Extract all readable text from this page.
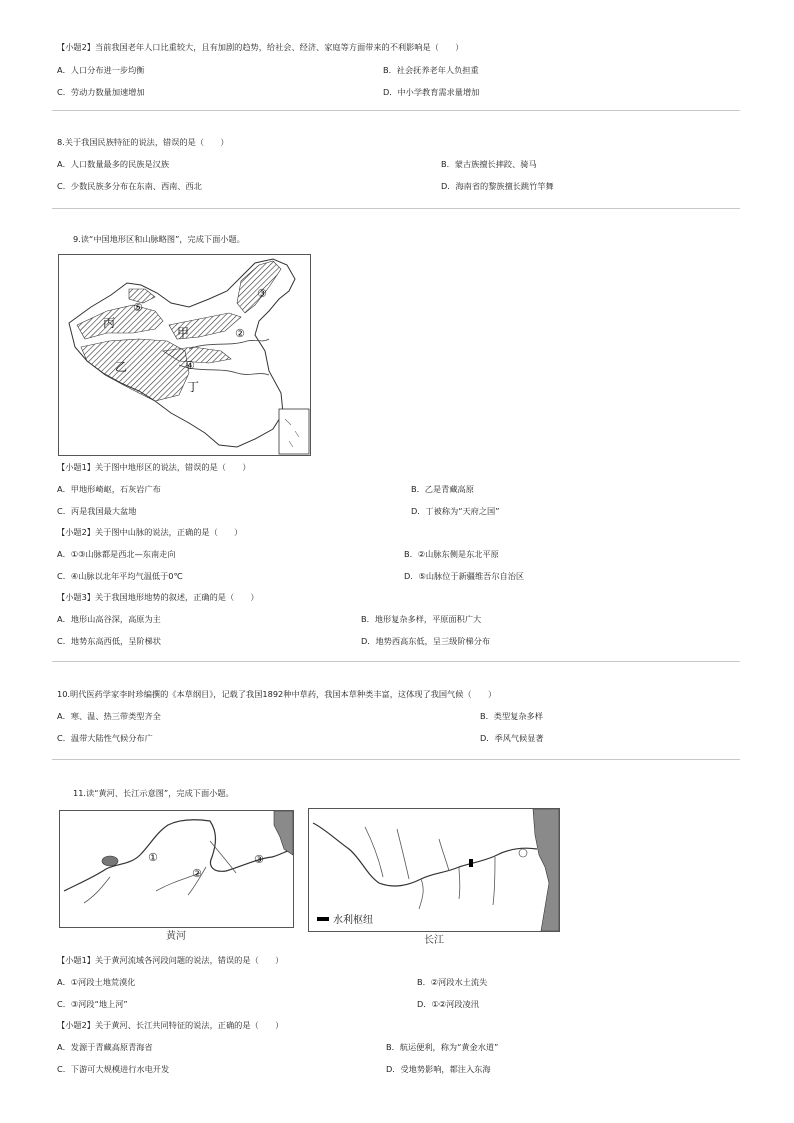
【小题2】当前我国老年人口比重较大，且有加剧的趋势，给社会、经济、家庭等方面带来的不利影响是（　　）
A．人口分布进一步均衡	B．社会抚养老年人负担重
C．劳动力数量加速增加	D．中小学教育需求量增加
8.关于我国民族特征的说法，错误的是（　　）
A．人口数量最多的民族是汉族	B．蒙古族擅长摔跤、骑马
C．少数民族多分布在东南、西南、西北	D．海南省的黎族擅长跳竹竿舞
9.读“中国地形区和山脉略图”，完成下面小题。
丙
甲
乙
丁
⑤
②
③
④
【小题1】关于图中地形区的说法，错误的是（　　）
A．甲地形崎岖，石灰岩广布	B．乙是青藏高原
C．丙是我国最大盆地	D．丁被称为“天府之国”
【小题2】关于图中山脉的说法，正确的是（　　）
A．①③山脉都是西北—东南走向	B．②山脉东侧是东北平原
C．④山脉以北年平均气温低于0℃	D．⑤山脉位于新疆维吾尔自治区
【小题3】关于我国地形地势的叙述，正确的是（　　）
A．地形山高谷深，高原为主	B．地形复杂多样，平原面积广大
C．地势东高西低，呈阶梯状	D．地势西高东低，呈三级阶梯分布
10.明代医药学家李时珍编撰的《本草纲目》，记载了我国1892种中草药，我国本草种类丰富，这体现了我国气候（　　）
A．寒、温、热三带类型齐全	B．类型复杂多样
C．温带大陆性气候分布广	D．季风气候显著
11.读“黄河、长江示意图”，完成下面小题。
①
②
③
黄河
水利枢纽
长江
【小题1】关于黄河流域各河段问题的说法，错误的是（　　）
A．①河段土地荒漠化	B．②河段水土流失
C．③河段“地上河”	D．①②河段凌汛
【小题2】关于黄河、长江共同特征的说法，正确的是（　　）
A．发源于青藏高原青海省	B．航运便利，称为“黄金水道”
C．下游可大规模进行水电开发	D．受地势影响，都注入东海
